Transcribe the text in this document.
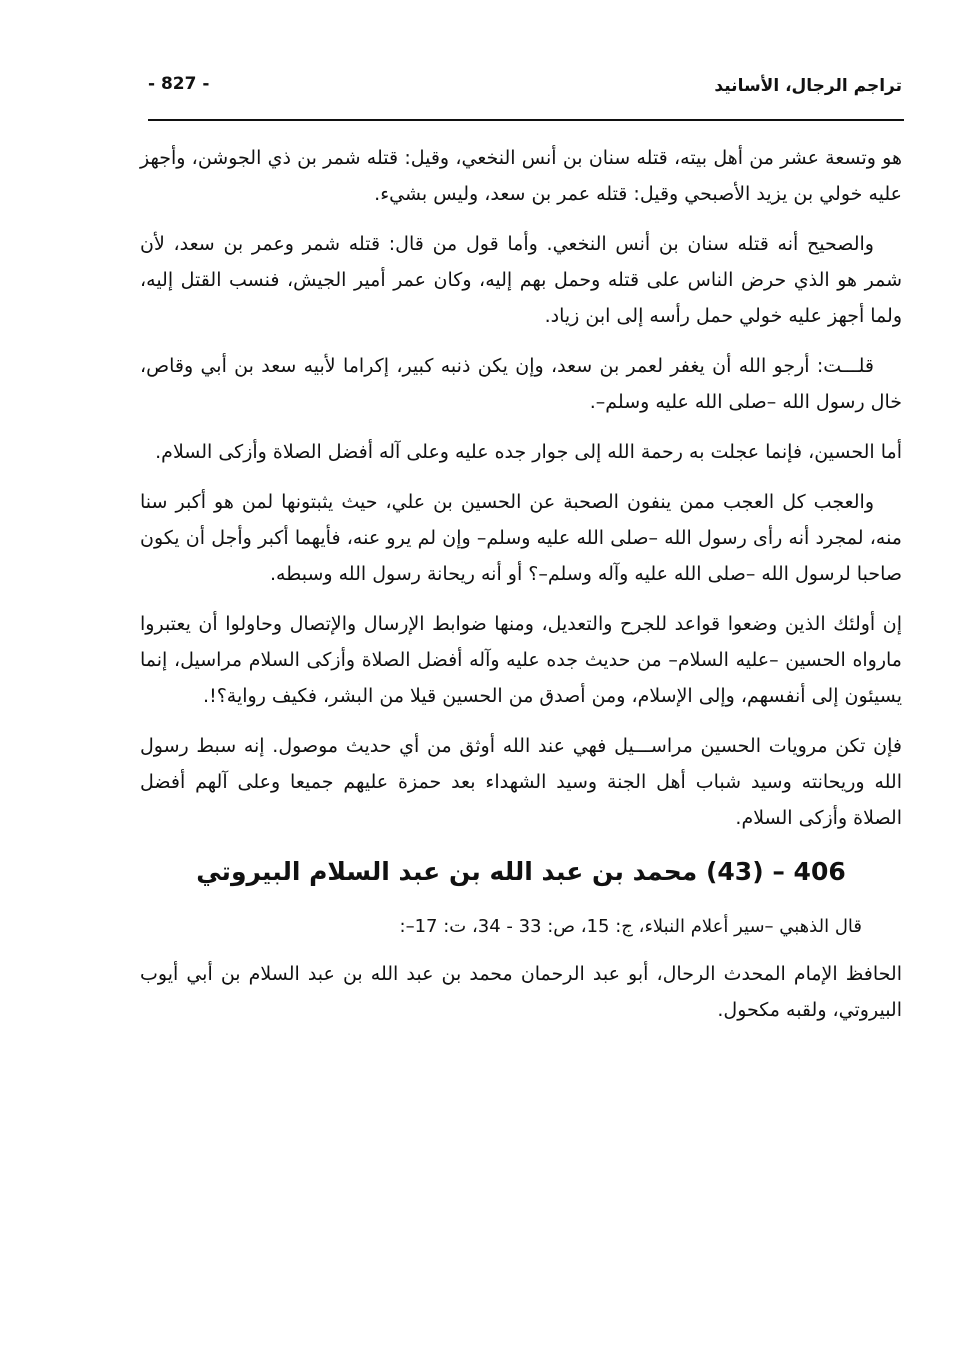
تراجم الرجال، الأسانيد
- 827 -

هو وتسعة عشر من أهل بيته، قتله سنان بن أنس النخعي، وقيل: قتله شمر بن ذي الجوشن، وأجهز عليه خولي بن يزيد الأصبحي وقيل: قتله عمر بن سعد، وليس بشيء.

والصحيح أنه قتله سنان بن أنس النخعي. وأما قول من قال: قتله شمر وعمر بن سعد، لأن شمر هو الذي حرض الناس على قتله وحمل بهم إليه، وكان عمر أمير الجيش، فنسب القتل إليه، ولما أجهز عليه خولي حمل رأسه إلى ابن زياد.

قلـــت: أرجو الله أن يغفر لعمر بن سعد، وإن يكن ذنبه كبير، إكراما لأبيه سعد بن أبي وقاص، خال رسول الله –صلى الله عليه وسلم–.

أما الحسين، فإنما عجلت به رحمة الله إلى جوار جده عليه وعلى آله أفضل الصلاة وأزكى السلام.

والعجب كل العجب ممن ينفون الصحبة عن الحسين بن علي، حيث يثبتونها لمن هو أكبر سنا منه، لمجرد أنه رأى رسول الله –صلى الله عليه وسلم– وإن لم يرو عنه، فأيهما أكبر وأجل أن يكون صاحبا لرسول الله –صلى الله عليه وآله وسلم–؟ أو أنه ريحانة رسول الله وسبطه.

إن أولئك الذين وضعوا قواعد للجرح والتعديل، ومنها ضوابط الإرسال والإتصال وحاولوا أن يعتبروا مارواه الحسين –عليه السلام– من حديث جده عليه وآله أفضل الصلاة وأزكى السلام مراسيل، إنما يسيئون إلى أنفسهم، وإلى الإسلام، ومن أصدق من الحسين قيلا من البشر، فكيف رواية؟!.

فإن تكن مرويات الحسين مراســـيل فهي عند الله أوثق من أي حديث موصول. إنه سبط رسول الله وريحانته وسيد شباب أهل الجنة وسيد الشهداء بعد حمزة عليهم جميعا وعلى آلهم أفضل الصلاة وأزكى السلام.

406 – (43) محمد بن عبد الله بن عبد السلام البيروتي

قال الذهبي –سير أعلام النبلاء، ج: 15، ص: 33 - 34، ت: 17–:

الحافظ الإمام المحدث الرحال، أبو عبد الرحمان محمد بن عبد الله بن عبد السلام بن أبي أيوب البيروتي، ولقبه مكحول.
